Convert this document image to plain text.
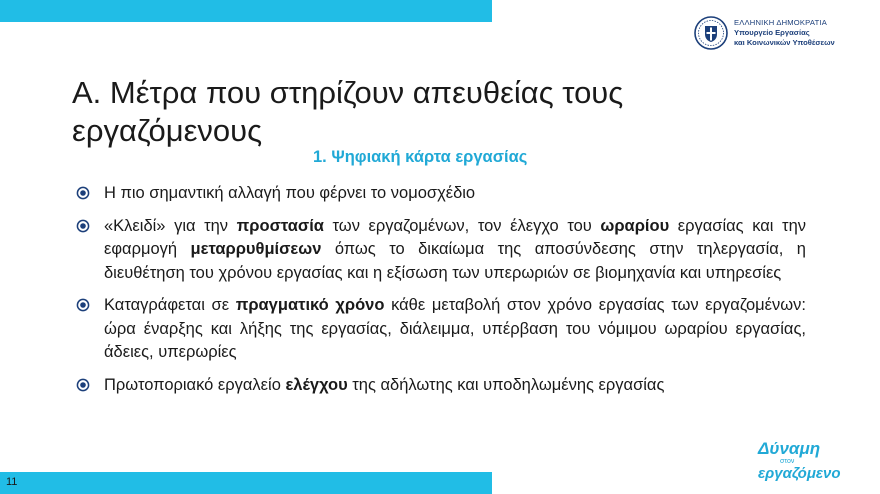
ΕΛΛΗΝΙΚΗ ΔΗΜΟΚΡΑΤΙΑ
Υπουργείο Εργασίας
και Κοινωνικών Υποθέσεων
Α. Μέτρα που στηρίζουν απευθείας τους εργαζόμενους
1. Ψηφιακή κάρτα εργασίας
Η πιο σημαντική αλλαγή που φέρνει το νομοσχέδιο
«Κλειδί» για την προστασία των εργαζομένων, τον έλεγχο του ωραρίου εργασίας και την εφαρμογή μεταρρυθμίσεων όπως το δικαίωμα της αποσύνδεσης στην τηλεργασία, η διευθέτηση του χρόνου εργασίας και η εξίσωση των υπερωριών σε βιομηχανία και υπηρεσίες
Καταγράφεται σε πραγματικό χρόνο κάθε μεταβολή στον χρόνο εργασίας των εργαζομένων: ώρα έναρξης και λήξης της εργασίας, διάλειμμα, υπέρβαση του νόμιμου ωραρίου εργασίας, άδειες, υπερωρίες
Πρωτοποριακό εργαλείο ελέγχου της αδήλωτης και υποδηλωμένης εργασίας
Δύναμη
στον
εργαζόμενο
11
